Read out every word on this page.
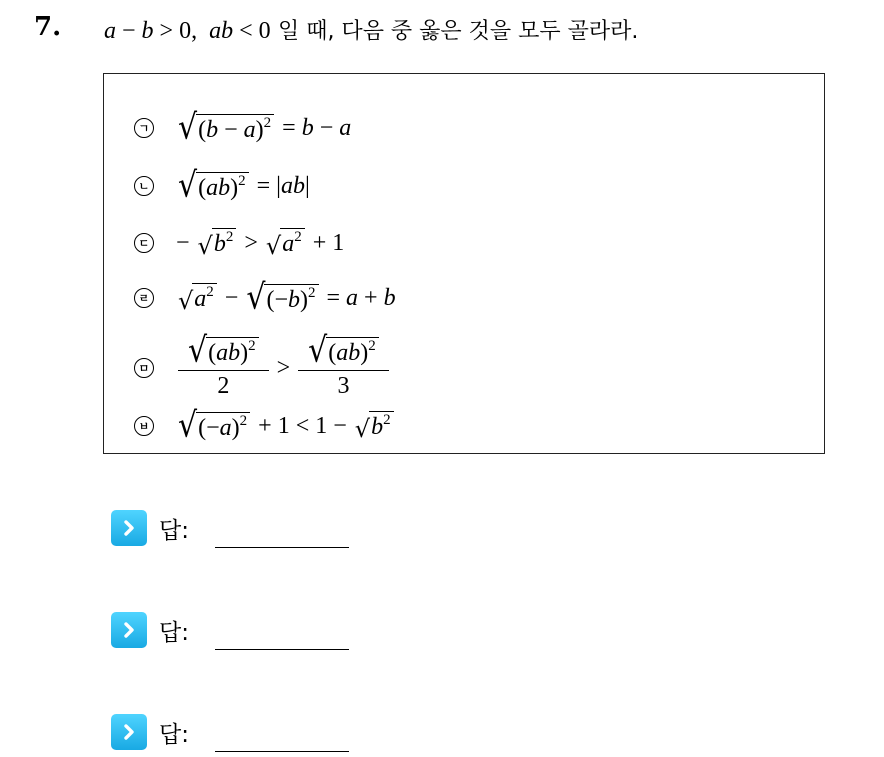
7. a − b > 0,  ab < 0 일 때, 다음 중 옳은 것을 모두 골라라.
ㄱ √ $(b - a)^2 = b - a$
ㄴ √ (ab)$^2$ = | ab |
ㄷ − √ $b^2$ > √ $a^2 + 1$
ㄹ √ $a^2$ − √ $(-b)^2 = a + b$
ㅁ $\frac{√ (ab)^2}{2} > \frac{√ (ab)^2}{3}$
ㅂ √ $(-a)^2 + 1 < 1$ − √ $b^2$
답:
답:
답:
